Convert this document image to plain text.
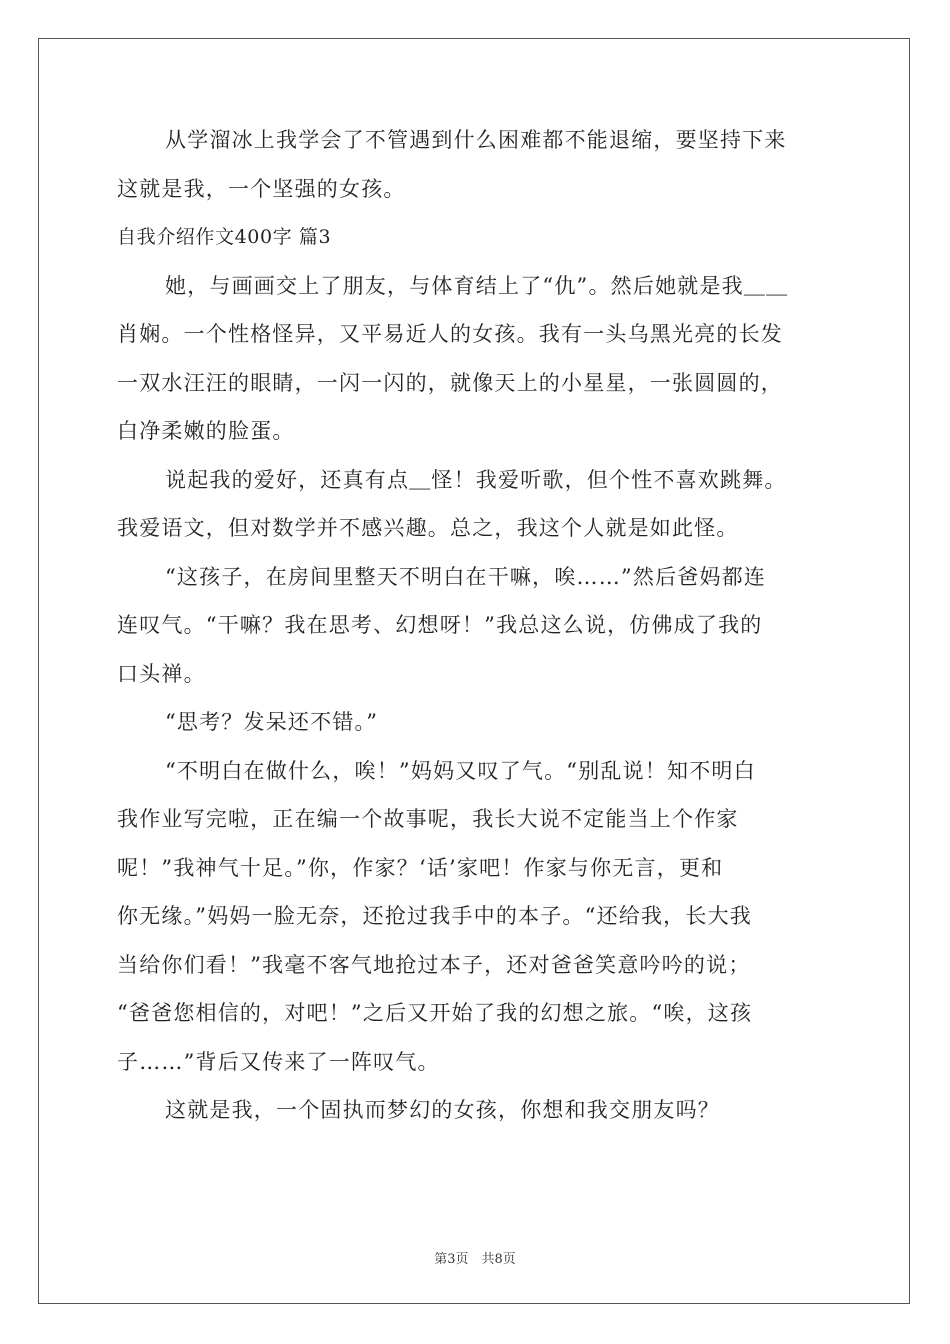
从学溜冰上我学会了不管遇到什么困难都不能退缩，要坚持下来
这就是我，一个坚强的女孩。
自我介绍作文400字 篇3
她，与画画交上了朋友，与体育结上了“仇”。然后她就是我＿＿
肖娴。一个性格怪异，又平易近人的女孩。我有一头乌黑光亮的长发
一双水汪汪的眼睛，一闪一闪的，就像天上的小星星，一张圆圆的，
白净柔嫩的脸蛋。
说起我的爱好，还真有点＿怪！我爱听歌，但个性不喜欢跳舞。
我爱语文，但对数学并不感兴趣。总之，我这个人就是如此怪。
“这孩子，在房间里整天不明白在干嘛，唉……”然后爸妈都连
连叹气。“干嘛？我在思考、幻想呀！”我总这么说，仿佛成了我的
口头禅。
“思考？发呆还不错。”
“不明白在做什么，唉！”妈妈又叹了气。“别乱说！知不明白
我作业写完啦，正在编一个故事呢，我长大说不定能当上个作家
呢！”我神气十足。”你，作家？‘话’家吧！作家与你无言，更和
你无缘。”妈妈一脸无奈，还抢过我手中的本子。“还给我，长大我
当给你们看！”我毫不客气地抢过本子，还对爸爸笑意吟吟的说；
“爸爸您相信的，对吧！”之后又开始了我的幻想之旅。“唉，这孩
子……”背后又传来了一阵叹气。
这就是我，一个固执而梦幻的女孩，你想和我交朋友吗？
第3页　共8页
